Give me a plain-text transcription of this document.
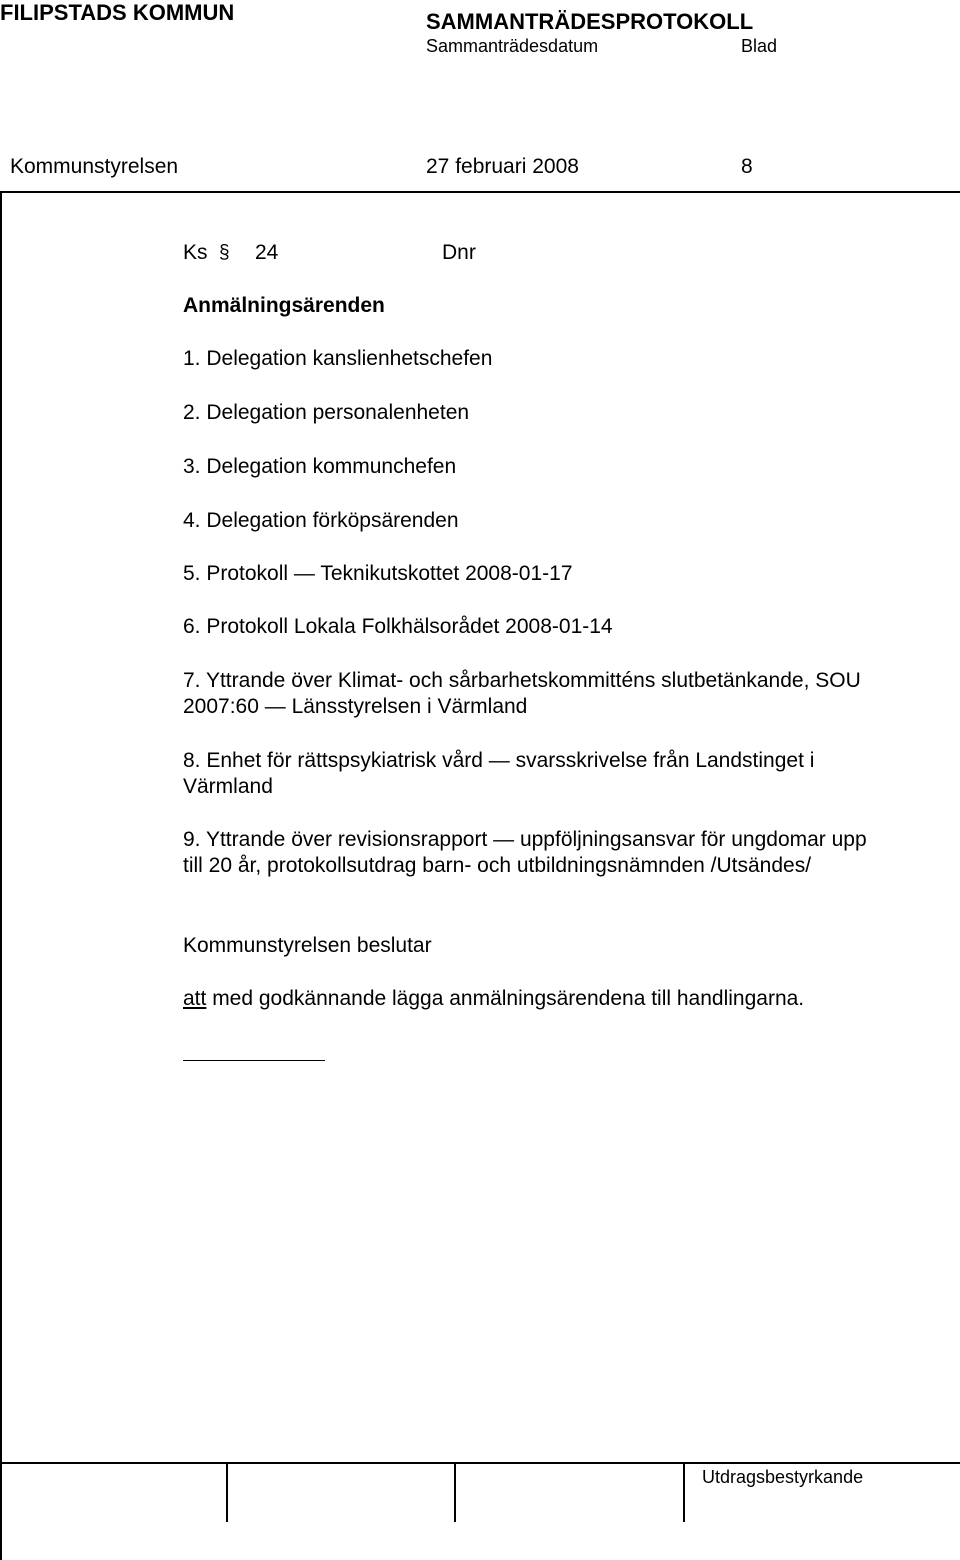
FILIPSTADS KOMMUN	SAMMANTRÄDESPROTOKOLL
Sammanträdesdatum	Blad
Kommunstyrelsen	27 februari 2008	8
Ks § 24	Dnr
Anmälningsärenden
1. Delegation kanslienhetschefen
2. Delegation personalenheten
3. Delegation kommunchefen
4. Delegation förköpsärenden
5. Protokoll — Teknikutskottet 2008-01-17
6. Protokoll Lokala Folkhälsorådet 2008-01-14
7. Yttrande över Klimat- och sårbarhetskommitténs slutbetänkande, SOU
2007:60 — Länsstyrelsen i Värmland
8. Enhet för rättspsykiatrisk vård — svarsskrivelse från Landstinget i
Värmland
9. Yttrande över revisionsrapport — uppföljningsansvar för ungdomar upp
till 20 år, protokollsutdrag barn- och utbildningsnämnden /Utsändes/
Kommunstyrelsen beslutar
att med godkännande lägga anmälningsärendena till handlingarna.
Utdragsbestyrkande
